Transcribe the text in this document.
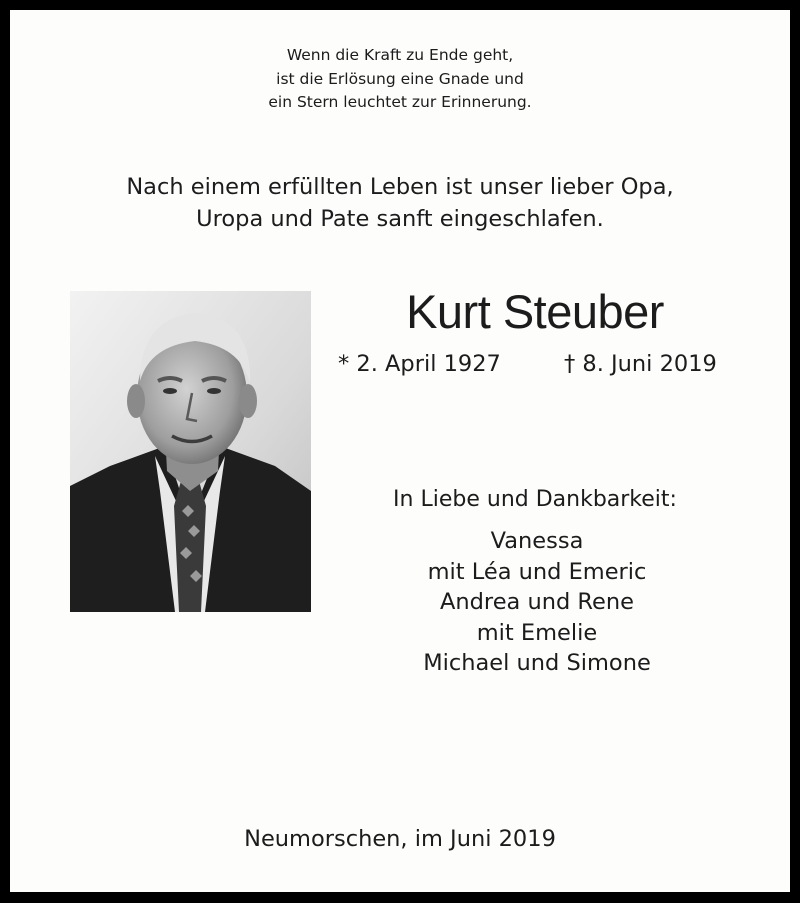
Wenn die Kraft zu Ende geht,
ist die Erlösung eine Gnade und
ein Stern leuchtet zur Erinnerung.
Nach einem erfüllten Leben ist unser lieber Opa,
Uropa und Pate sanft eingeschlafen.
Kurt Steuber
* 2. April 1927	† 8. Juni 2019
In Liebe und Dankbarkeit:
Vanessa
mit Léa und Emeric
Andrea und Rene
mit Emelie
Michael und Simone
Neumorschen, im Juni 2019
